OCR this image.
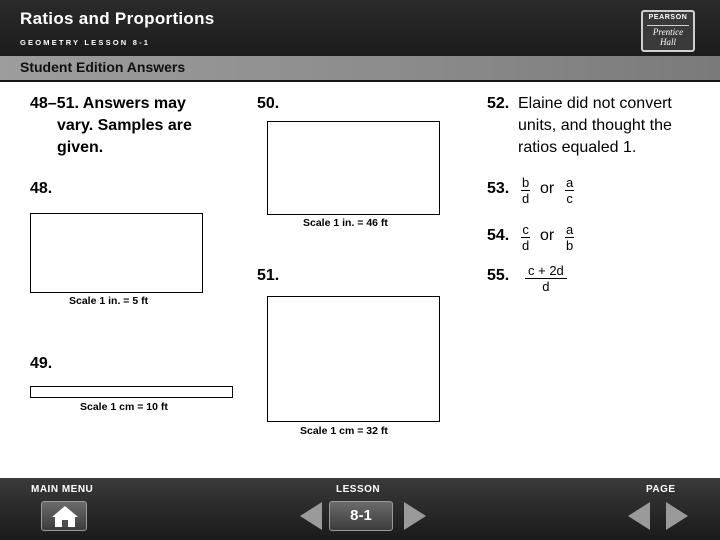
Ratios and Proportions
GEOMETRY LESSON 8-1
PEARSON
Prentice
Hall
Student Edition Answers
48–51. Answers may
vary. Samples are
given.
48.
Scale 1 in. = 5 ft
49.
Scale 1 cm = 10 ft
50.
Scale 1 in. = 46 ft
51.
Scale 1 cm = 32 ft
52. Elaine did not convert
units, and thought the
ratios equaled 1.
53. $\frac{b}{d}$ or $\frac{a}{c}$
54. $\frac{c}{d}$ or $\frac{a}{b}$
55. $\frac{c + 2d}{d}$
MAIN MENU	LESSON
8-1
PAGE
